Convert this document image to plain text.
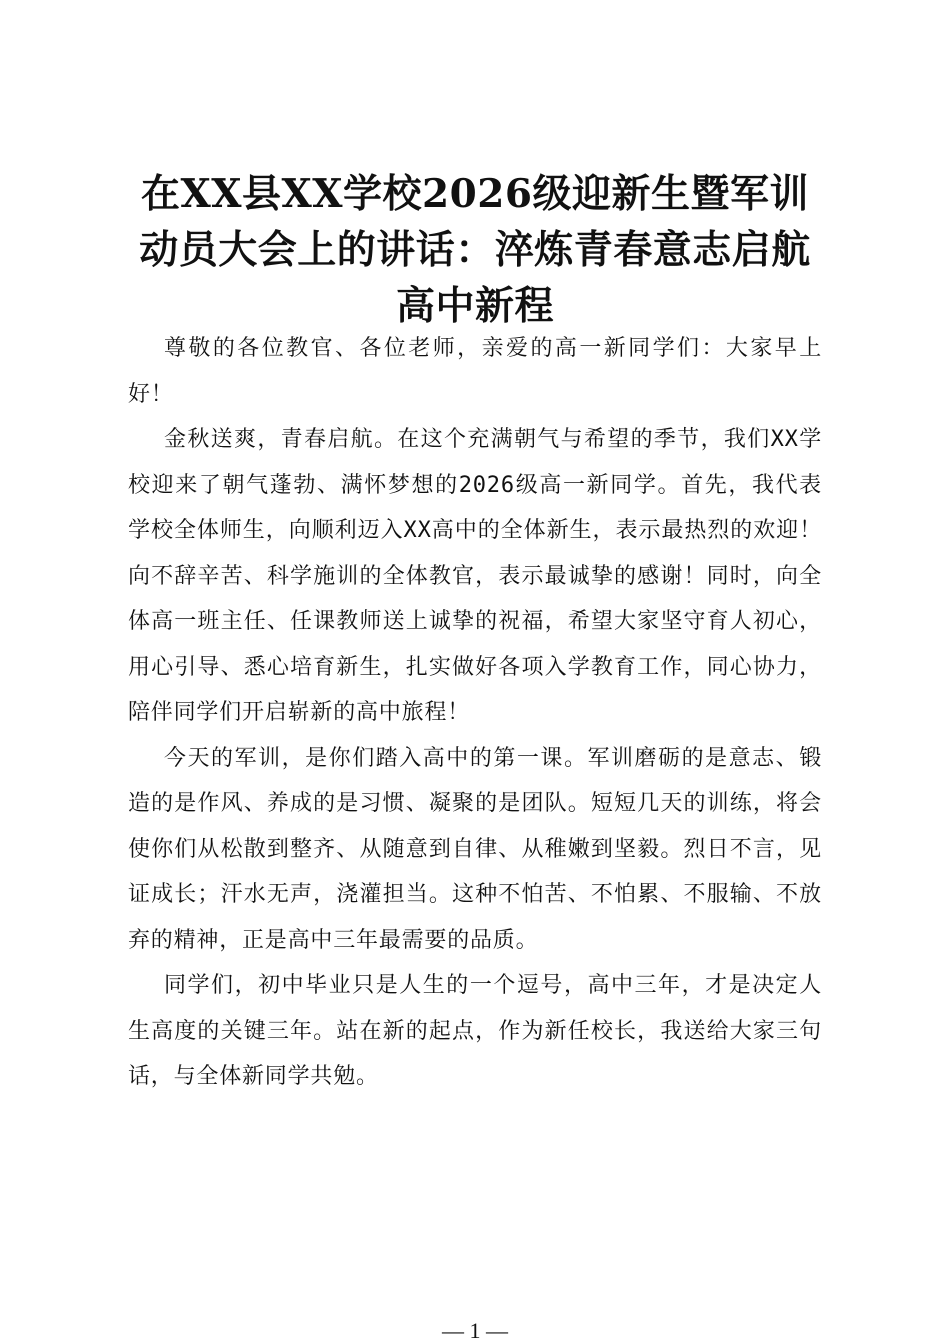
在XX县XX学校2026级迎新生暨军训
动员大会上的讲话：淬炼青春意志启航
高中新程

尊敬的各位教官、各位老师，亲爱的高一新同学们：大家早上好！

金秋送爽，青春启航。在这个充满朝气与希望的季节，我们XX学校迎来了朝气蓬勃、满怀梦想的2026级高一新同学。首先，我代表学校全体师生，向顺利迈入XX高中的全体新生，表示最热烈的欢迎！向不辞辛苦、科学施训的全体教官，表示最诚挚的感谢！同时，向全体高一班主任、任课教师送上诚挚的祝福，希望大家坚守育人初心，用心引导、悉心培育新生，扎实做好各项入学教育工作，同心协力，陪伴同学们开启崭新的高中旅程！

今天的军训，是你们踏入高中的第一课。军训磨砺的是意志、锻造的是作风、养成的是习惯、凝聚的是团队。短短几天的训练，将会使你们从松散到整齐、从随意到自律、从稚嫩到坚毅。烈日不言，见证成长；汗水无声，浇灌担当。这种不怕苦、不怕累、不服输、不放弃的精神，正是高中三年最需要的品质。

同学们，初中毕业只是人生的一个逗号，高中三年，才是决定人生高度的关键三年。站在新的起点，作为新任校长，我送给大家三句话，与全体新同学共勉。

— 1 —
